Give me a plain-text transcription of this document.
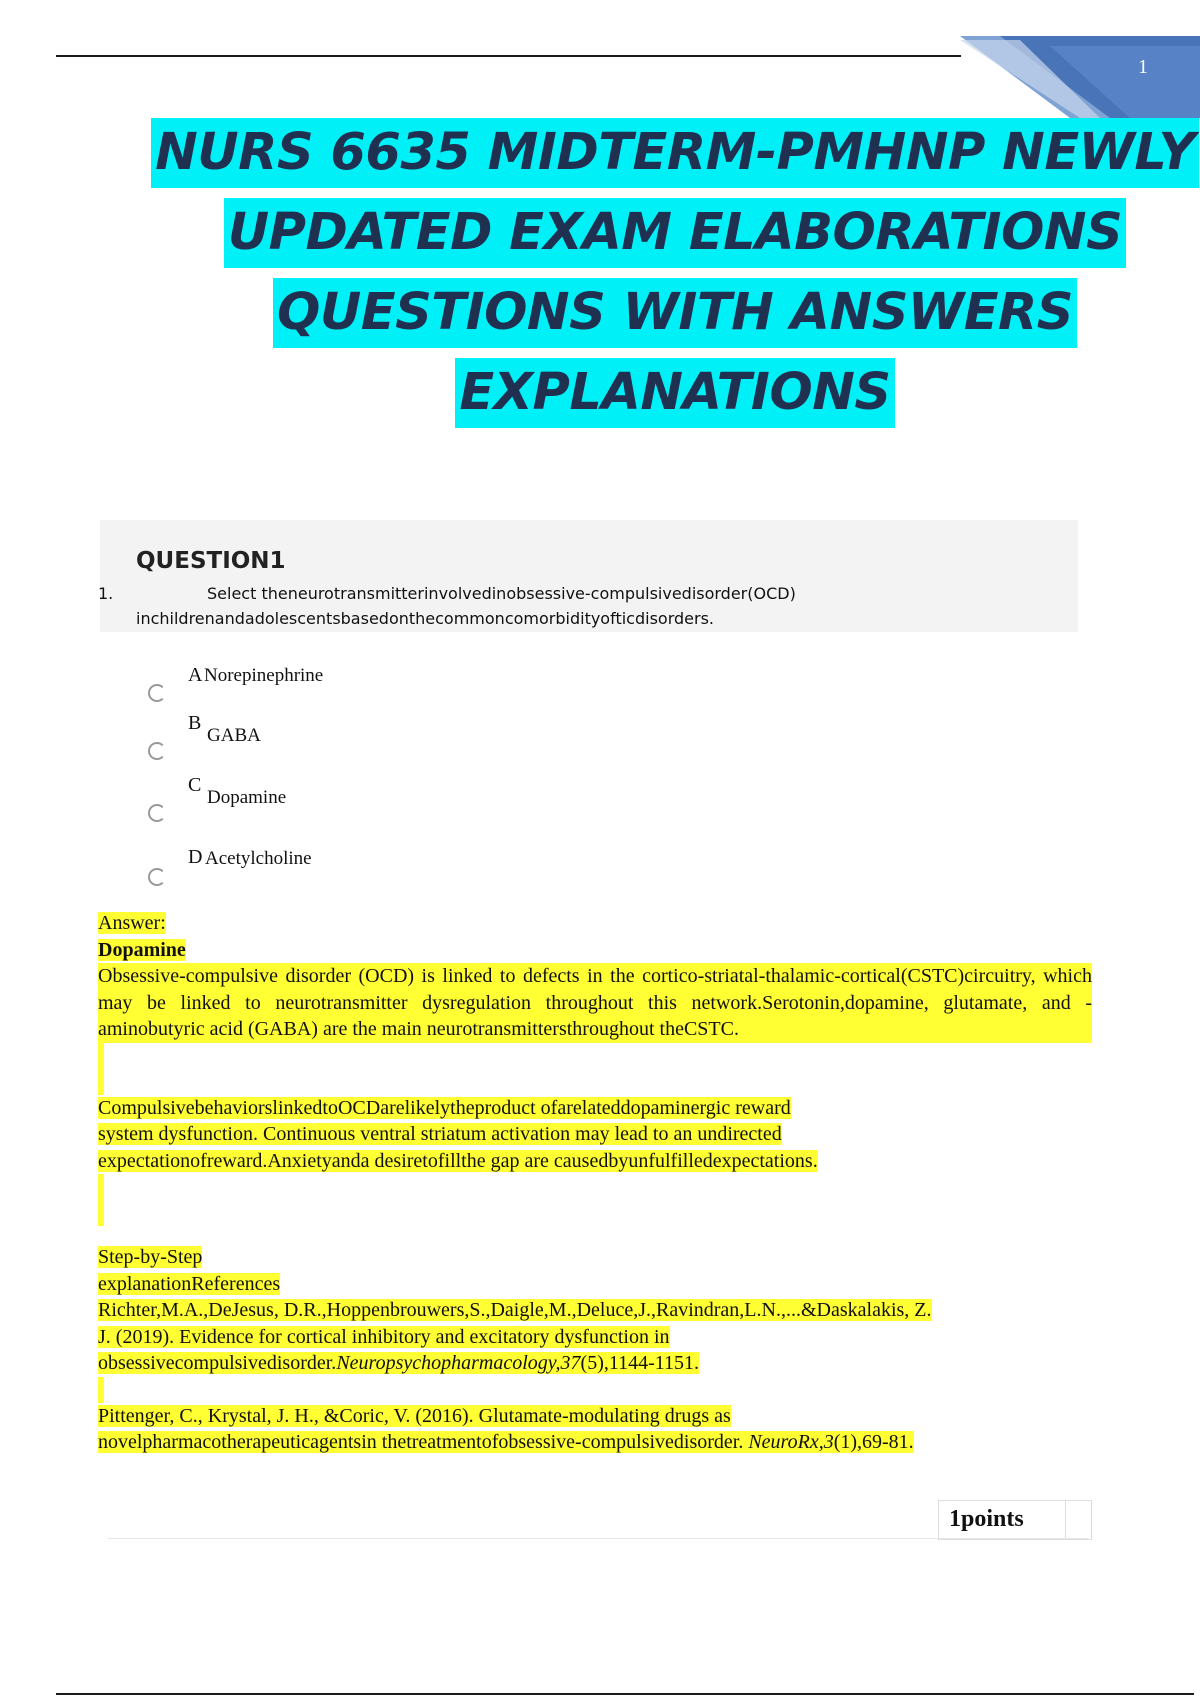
1
NURS 6635 MIDTERM-PMHNP NEWLY
UPDATED EXAM ELABORATIONS
QUESTIONS WITH ANSWERS
EXPLANATIONS
QUESTION1
1.	Select theneurotransmitterinvolvedinobsessive-compulsivedisorder(OCD)
inchildrenandadolescentsbasedonthecommoncomorbidityofticdisorders.
A Norepinephrine
B
GABA
C
Dopamine
D Acetylcholine
Answer:
Dopamine

Obsessive-compulsive disorder (OCD) is linked to defects in the cortico-striatal-thalamic-cortical(CSTC)circuitry, which may be linked to neurotransmitter dysregulation throughout this network.Serotonin,dopamine, glutamate, and -aminobutyric acid (GABA) are the main neurotransmittersthroughout theCSTC.

CompulsivebehaviorslinkedtoOCDarelikelytheproduct ofarelateddopaminergic reward
system dysfunction. Continuous ventral striatum activation may lead to an undirected
expectationofreward.Anxietyanda desiretofillthe gap are causedbyunfulfilledexpectations.
Step-by-Step
explanationReferences
Richter,M.A.,DeJesus, D.R.,Hoppenbrouwers,S.,Daigle,M.,Deluce,J.,Ravindran,L.N.,...&Daskalakis, Z.
J. (2019). Evidence for cortical inhibitory and excitatory dysfunction in
obsessivecompulsivedisorder.Neuropsychopharmacology,37(5),1144-1151.
Pittenger, C., Krystal, J. H., &Coric, V. (2016). Glutamate-modulating drugs as
novelpharmacotherapeuticagentsin thetreatmentofobsessive-compulsivedisorder. NeuroRx,3(1),69-81.
1points
